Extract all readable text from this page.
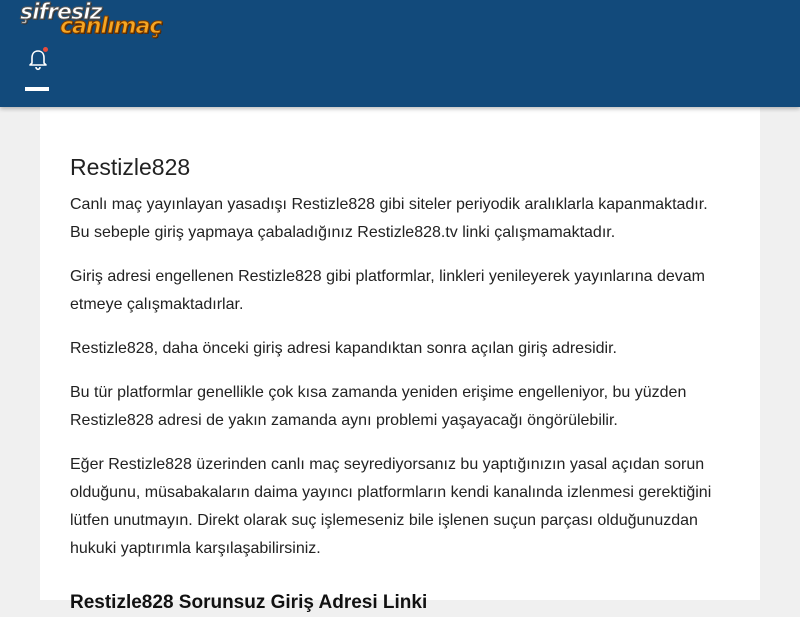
şifresiz
canlımaç
Restizle828

Canlı maç yayınlayan yasadışı Restizle828 gibi siteler periyodik aralıklarla kapanmaktadır. Bu sebeple giriş yapmaya çabaladığınız Restizle828.tv linki çalışmamaktadır.

Giriş adresi engellenen Restizle828 gibi platformlar, linkleri yenileyerek yayınlarına devam etmeye çalışmaktadırlar.

Restizle828, daha önceki giriş adresi kapandıktan sonra açılan giriş adresidir.

Bu tür platformlar genellikle çok kısa zamanda yeniden erişime engelleniyor, bu yüzden Restizle828 adresi de yakın zamanda aynı problemi yaşayacağı öngörülebilir.

Eğer Restizle828 üzerinden canlı maç seyrediyorsanız bu yaptığınızın yasal açıdan sorun olduğunu, müsabakaların daima yayıncı platformların kendi kanalında izlenmesi gerektiğini lütfen unutmayın. Direkt olarak suç işlemeseniz bile işlenen suçun parçası olduğunuzdan hukuki yaptırımla karşılaşabilirsiniz.

Restizle828 Sorunsuz Giriş Adresi Linki
